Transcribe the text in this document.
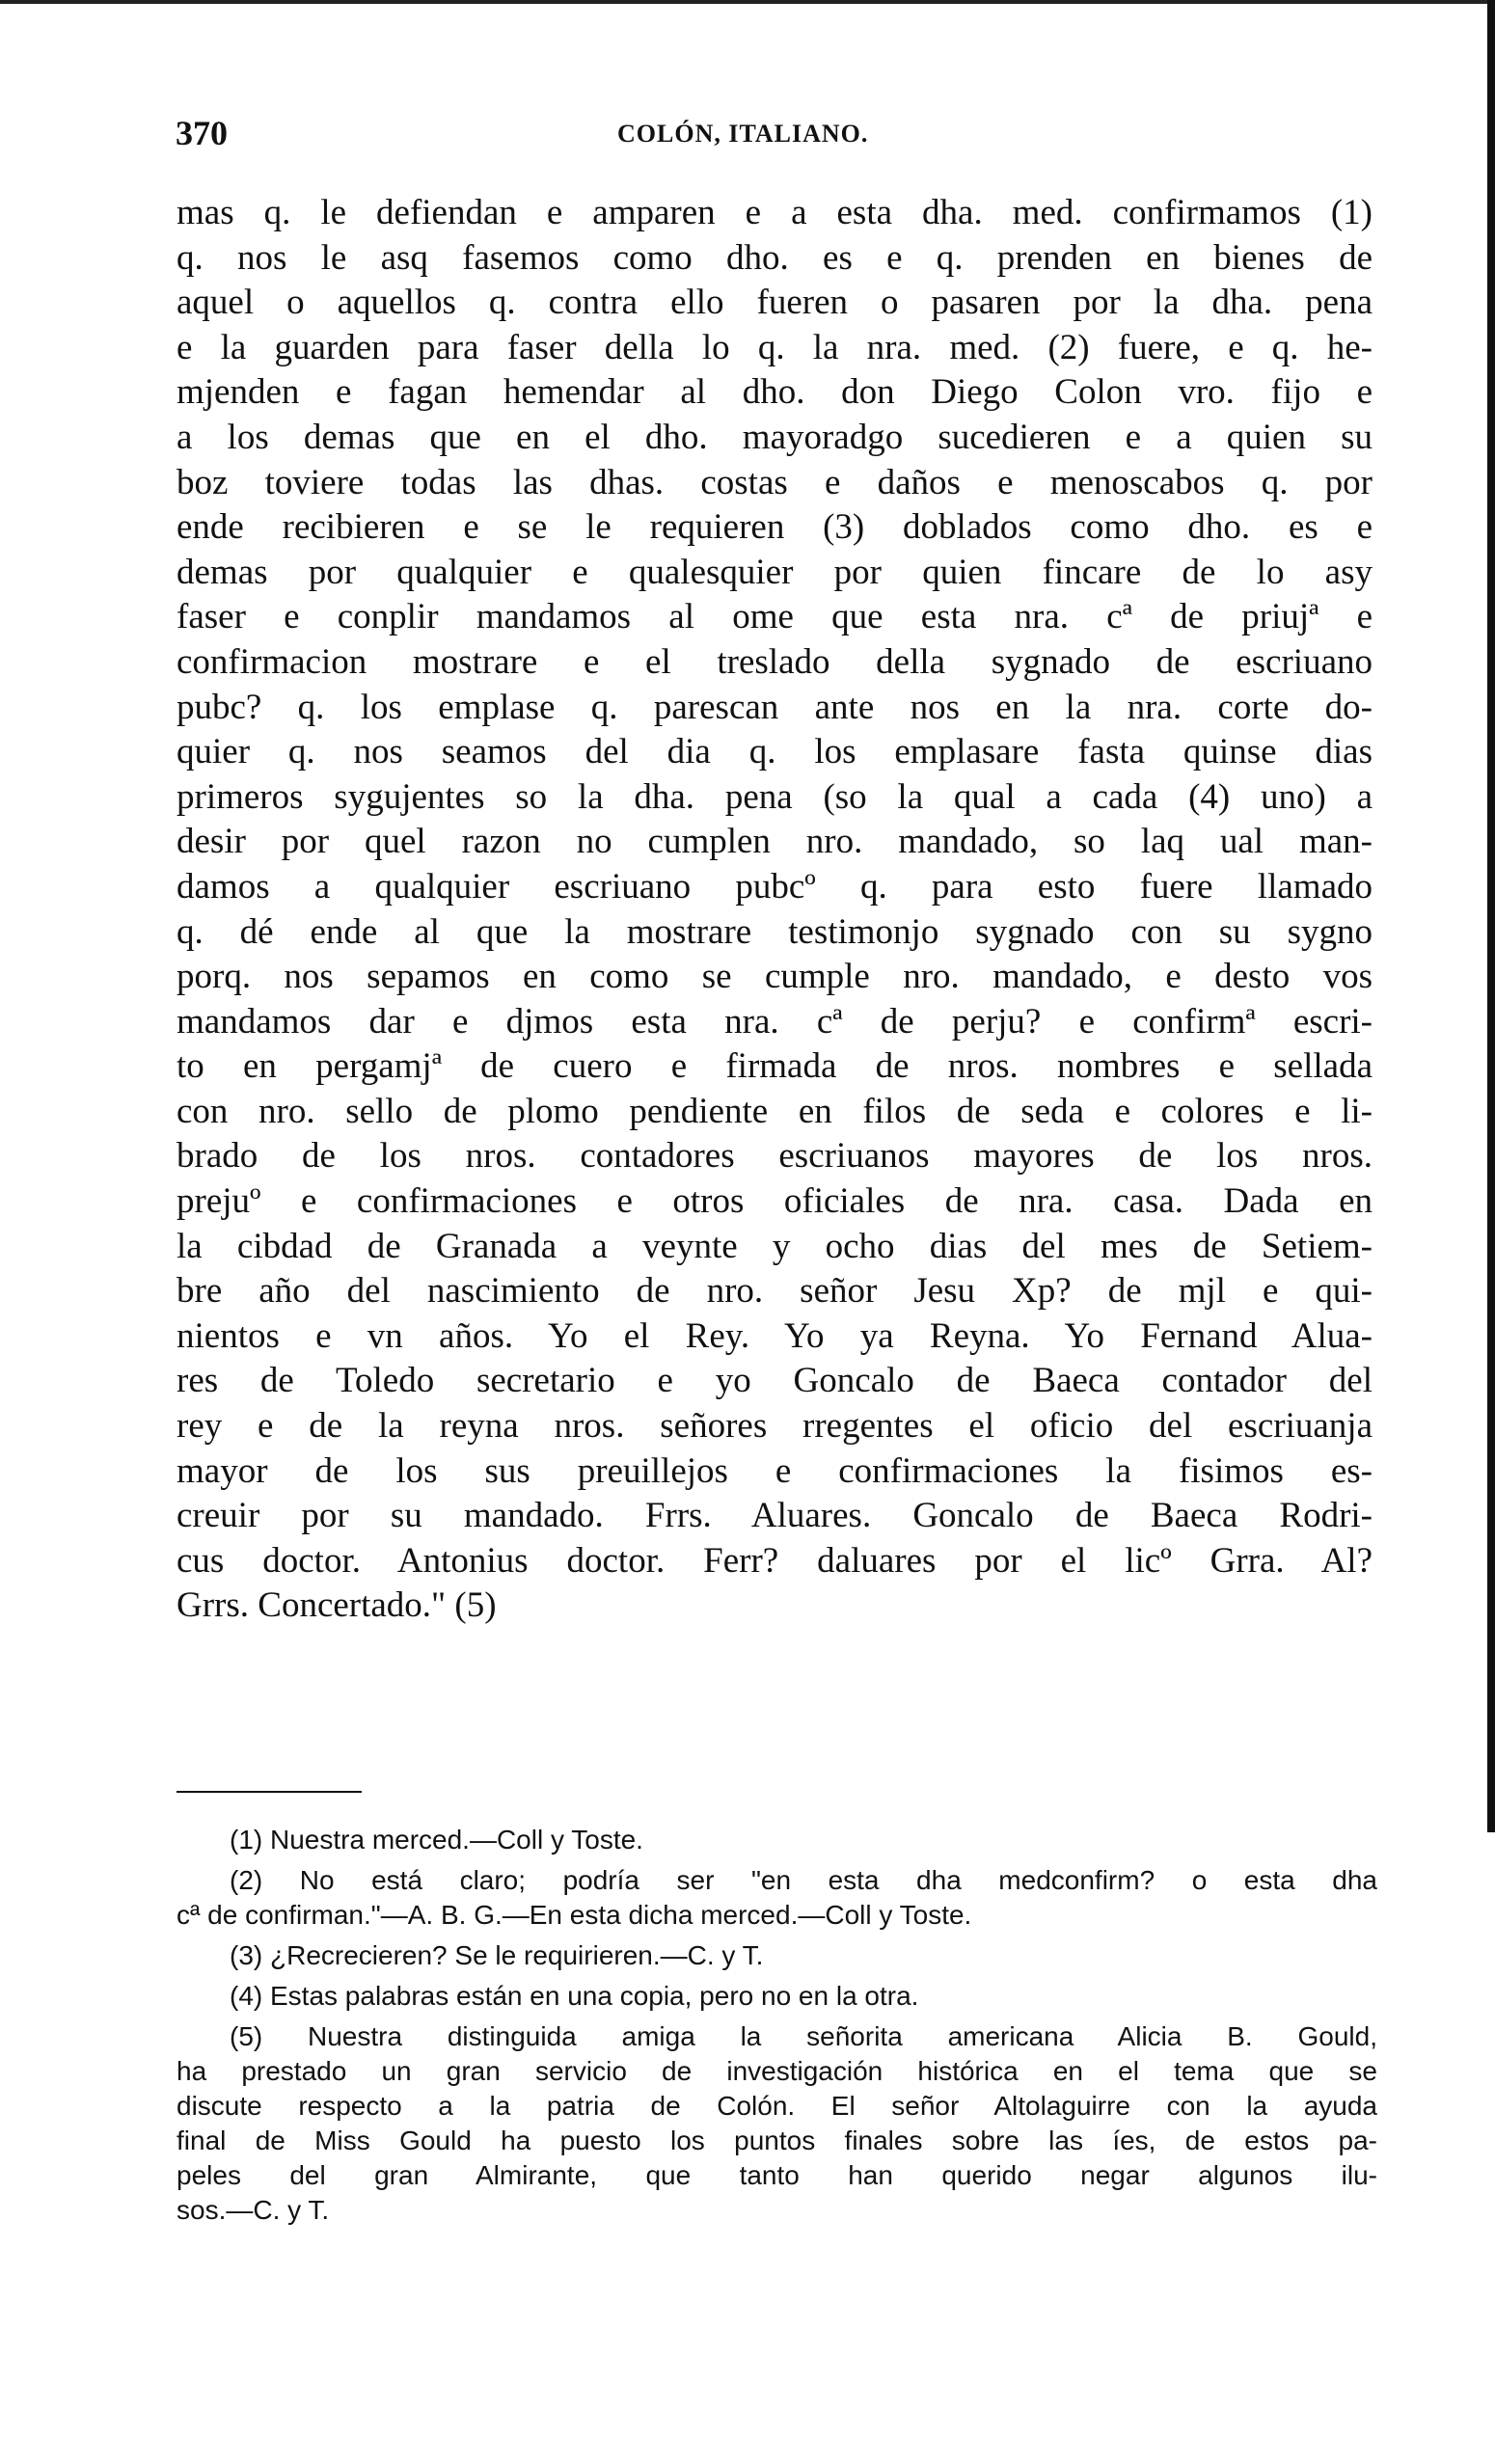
370	COLÓN, ITALIANO.
mas q. le defiendan e amparen e a esta dha. med. confirmamos (1)
q. nos le asq fasemos como dho. es e q. prenden en bienes de
aquel o aquellos q. contra ello fueren o pasaren por la dha. pena
e la guarden para faser della lo q. la nra. med. (2) fuere, e q. he-
mjenden e fagan hemendar al dho. don Diego Colon vro. fijo e
a los demas que en el dho. mayoradgo sucedieren e a quien su
boz toviere todas las dhas. costas e daños e menoscabos q. por
ende recibieren e se le requieren (3) doblados como dho. es e
demas por qualquier e qualesquier por quien fincare de lo asy
faser e conplir mandamos al ome que esta nra. cª de priujª e
confirmacion mostrare e el treslado della sygnado de escriuano
pubc? q. los emplase q. parescan ante nos en la nra. corte do-
quier q. nos seamos del dia q. los emplasare fasta quinse dias
primeros sygujentes so la dha. pena (so la qual a cada (4) uno) a
desir por quel razon no cumplen nro. mandado, so laq ual man-
damos a qualquier escriuano pubcº q. para esto fuere llamado
q. dé ende al que la mostrare testimonjo sygnado con su sygno
porq. nos sepamos en como se cumple nro. mandado, e desto vos
mandamos dar e djmos esta nra. cª de perju? e confirmª escri-
to en pergamjª de cuero e firmada de nros. nombres e sellada
con nro. sello de plomo pendiente en filos de seda e colores e li-
brado de los nros. contadores escriuanos mayores de los nros.
prejuº e confirmaciones e otros oficiales de nra. casa. Dada en
la cibdad de Granada a veynte y ocho dias del mes de Setiem-
bre año del nascimiento de nro. señor Jesu Xp? de mjl e qui-
nientos e vn años. Yo el Rey. Yo ya Reyna. Yo Fernand Alua-
res de Toledo secretario e yo Goncalo de Baeca contador del
rey e de la reyna nros. señores rregentes el oficio del escriuanja
mayor de los sus preuillejos e confirmaciones la fisimos es-
creuir por su mandado. Frrs. Aluares. Goncalo de Baeca Rodri-
cus doctor. Antonius doctor. Ferr? daluares por el licº Grra. Al?
Grrs. Concertado." (5)
(1) Nuestra merced.—Coll y Toste.
(2) No está claro; podría ser "en esta dha medconfirm? o esta dha
cª de confirman."—A. B. G.—En esta dicha merced.—Coll y Toste.
(3) ¿Recrecieren? Se le requirieren.—C. y T.
(4) Estas palabras están en una copia, pero no en la otra.
(5) Nuestra distinguida amiga la señorita americana Alicia B. Gould,
ha prestado un gran servicio de investigación histórica en el tema que se
discute respecto a la patria de Colón. El señor Altolaguirre con la ayuda
final de Miss Gould ha puesto los puntos finales sobre las íes, de estos pa-
peles del gran Almirante, que tanto han querido negar algunos ilu-
sos.—C. y T.
